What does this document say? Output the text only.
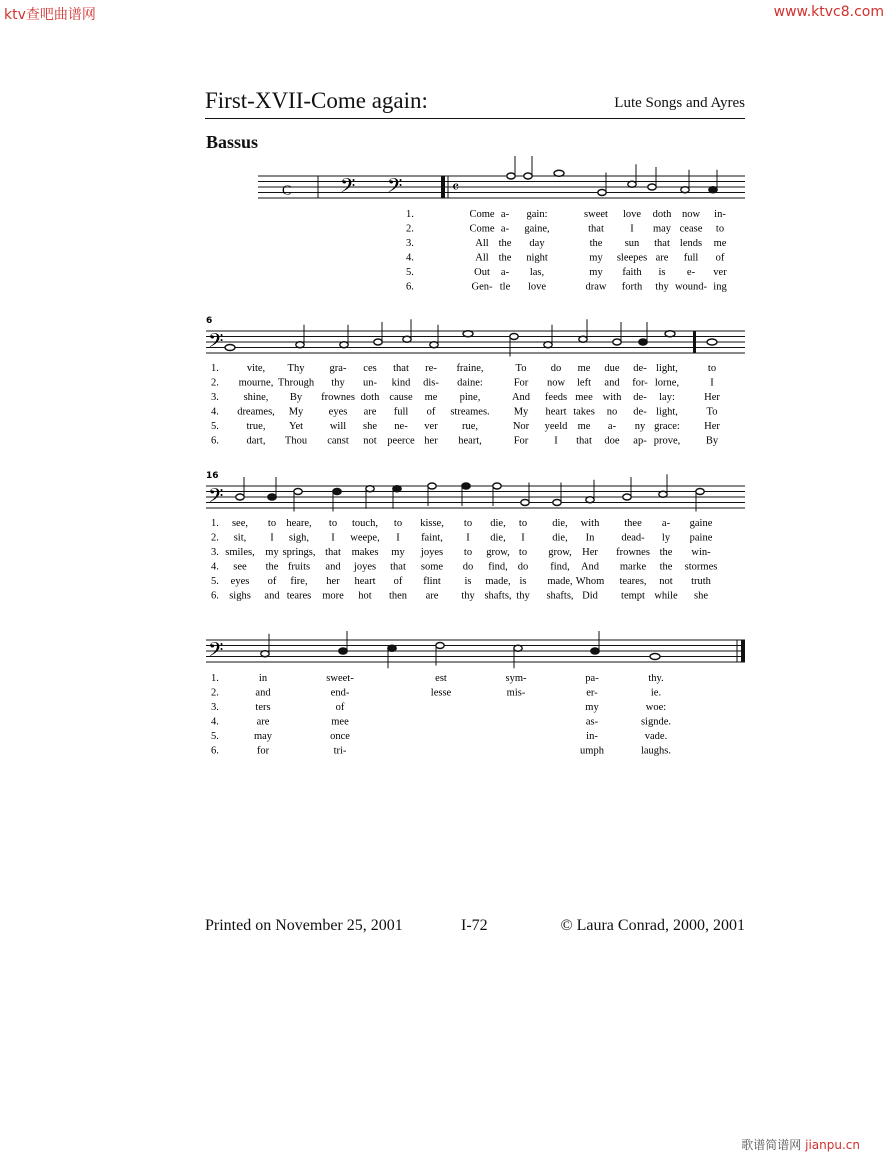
ktv查吧曲谱网	www.ktvc8.com
歌谱简谱网 jianpu.cn
First-XVII-Come again:	Lute Songs and Ayres
Bassus
𝄢 𝄢	𝄴
C
1.	Come a- gain:	sweet love doth now in-
2.	Come a- gaine,	that	I may cease to
3.	All the day	the sun that lends me
4.	All the night	my sleepes are full of
5.	Out a- las,	my faith is e- ver
6.	Gen- tle love	draw forth thy wound- ing
𝄢
6
1.	vite, Thy gra- ces that re- fraine,	To do me due de- light,	to
2. mourne, Through thy un- kind dis- daine:	For now left and for- lorne,	I
3. shine, By frownes doth cause me pine,	And feeds mee with de- lay:	Her
4. dreames, My eyes are full of streames. My heart takes no de- light,	To
5.	true, Yet	will she ne- ver rue,	Nor yeeld me a- ny grace: Her
6.	dart, Thou canst not peerce her heart,	For I that doe ap- prove, By
𝄢
16
1. see, to heare, to touch, to kisse, to die, to die, with thee a- gaine
2. sit, I sigh, I weepe, I faint, I die, I	die, In	dead- ly paine
3. smiles, my springs, that makes my joyes to grow, to grow, Her frownes the win-
4. see the fruits and joyes that some do find, do find, And marke the stormes
5. eyes of fire, her heart of flint is made, is made, Whom teares, not truth
6. sighs and teares more hot then are thy shafts, thy shafts, Did tempt while she
𝄢
1.	in	sweet-	est	sym-	pa-	thy.
2.	and	end-	lesse	mis-	er-	ie.
3.	ters	of	my	woe:
4.	are	mee	as-	signde.
5.	may	once	in-	vade.
6.	for	tri-	umph	laughs.
Printed on November 25, 2001	I-72	© Laura Conrad, 2000, 2001
